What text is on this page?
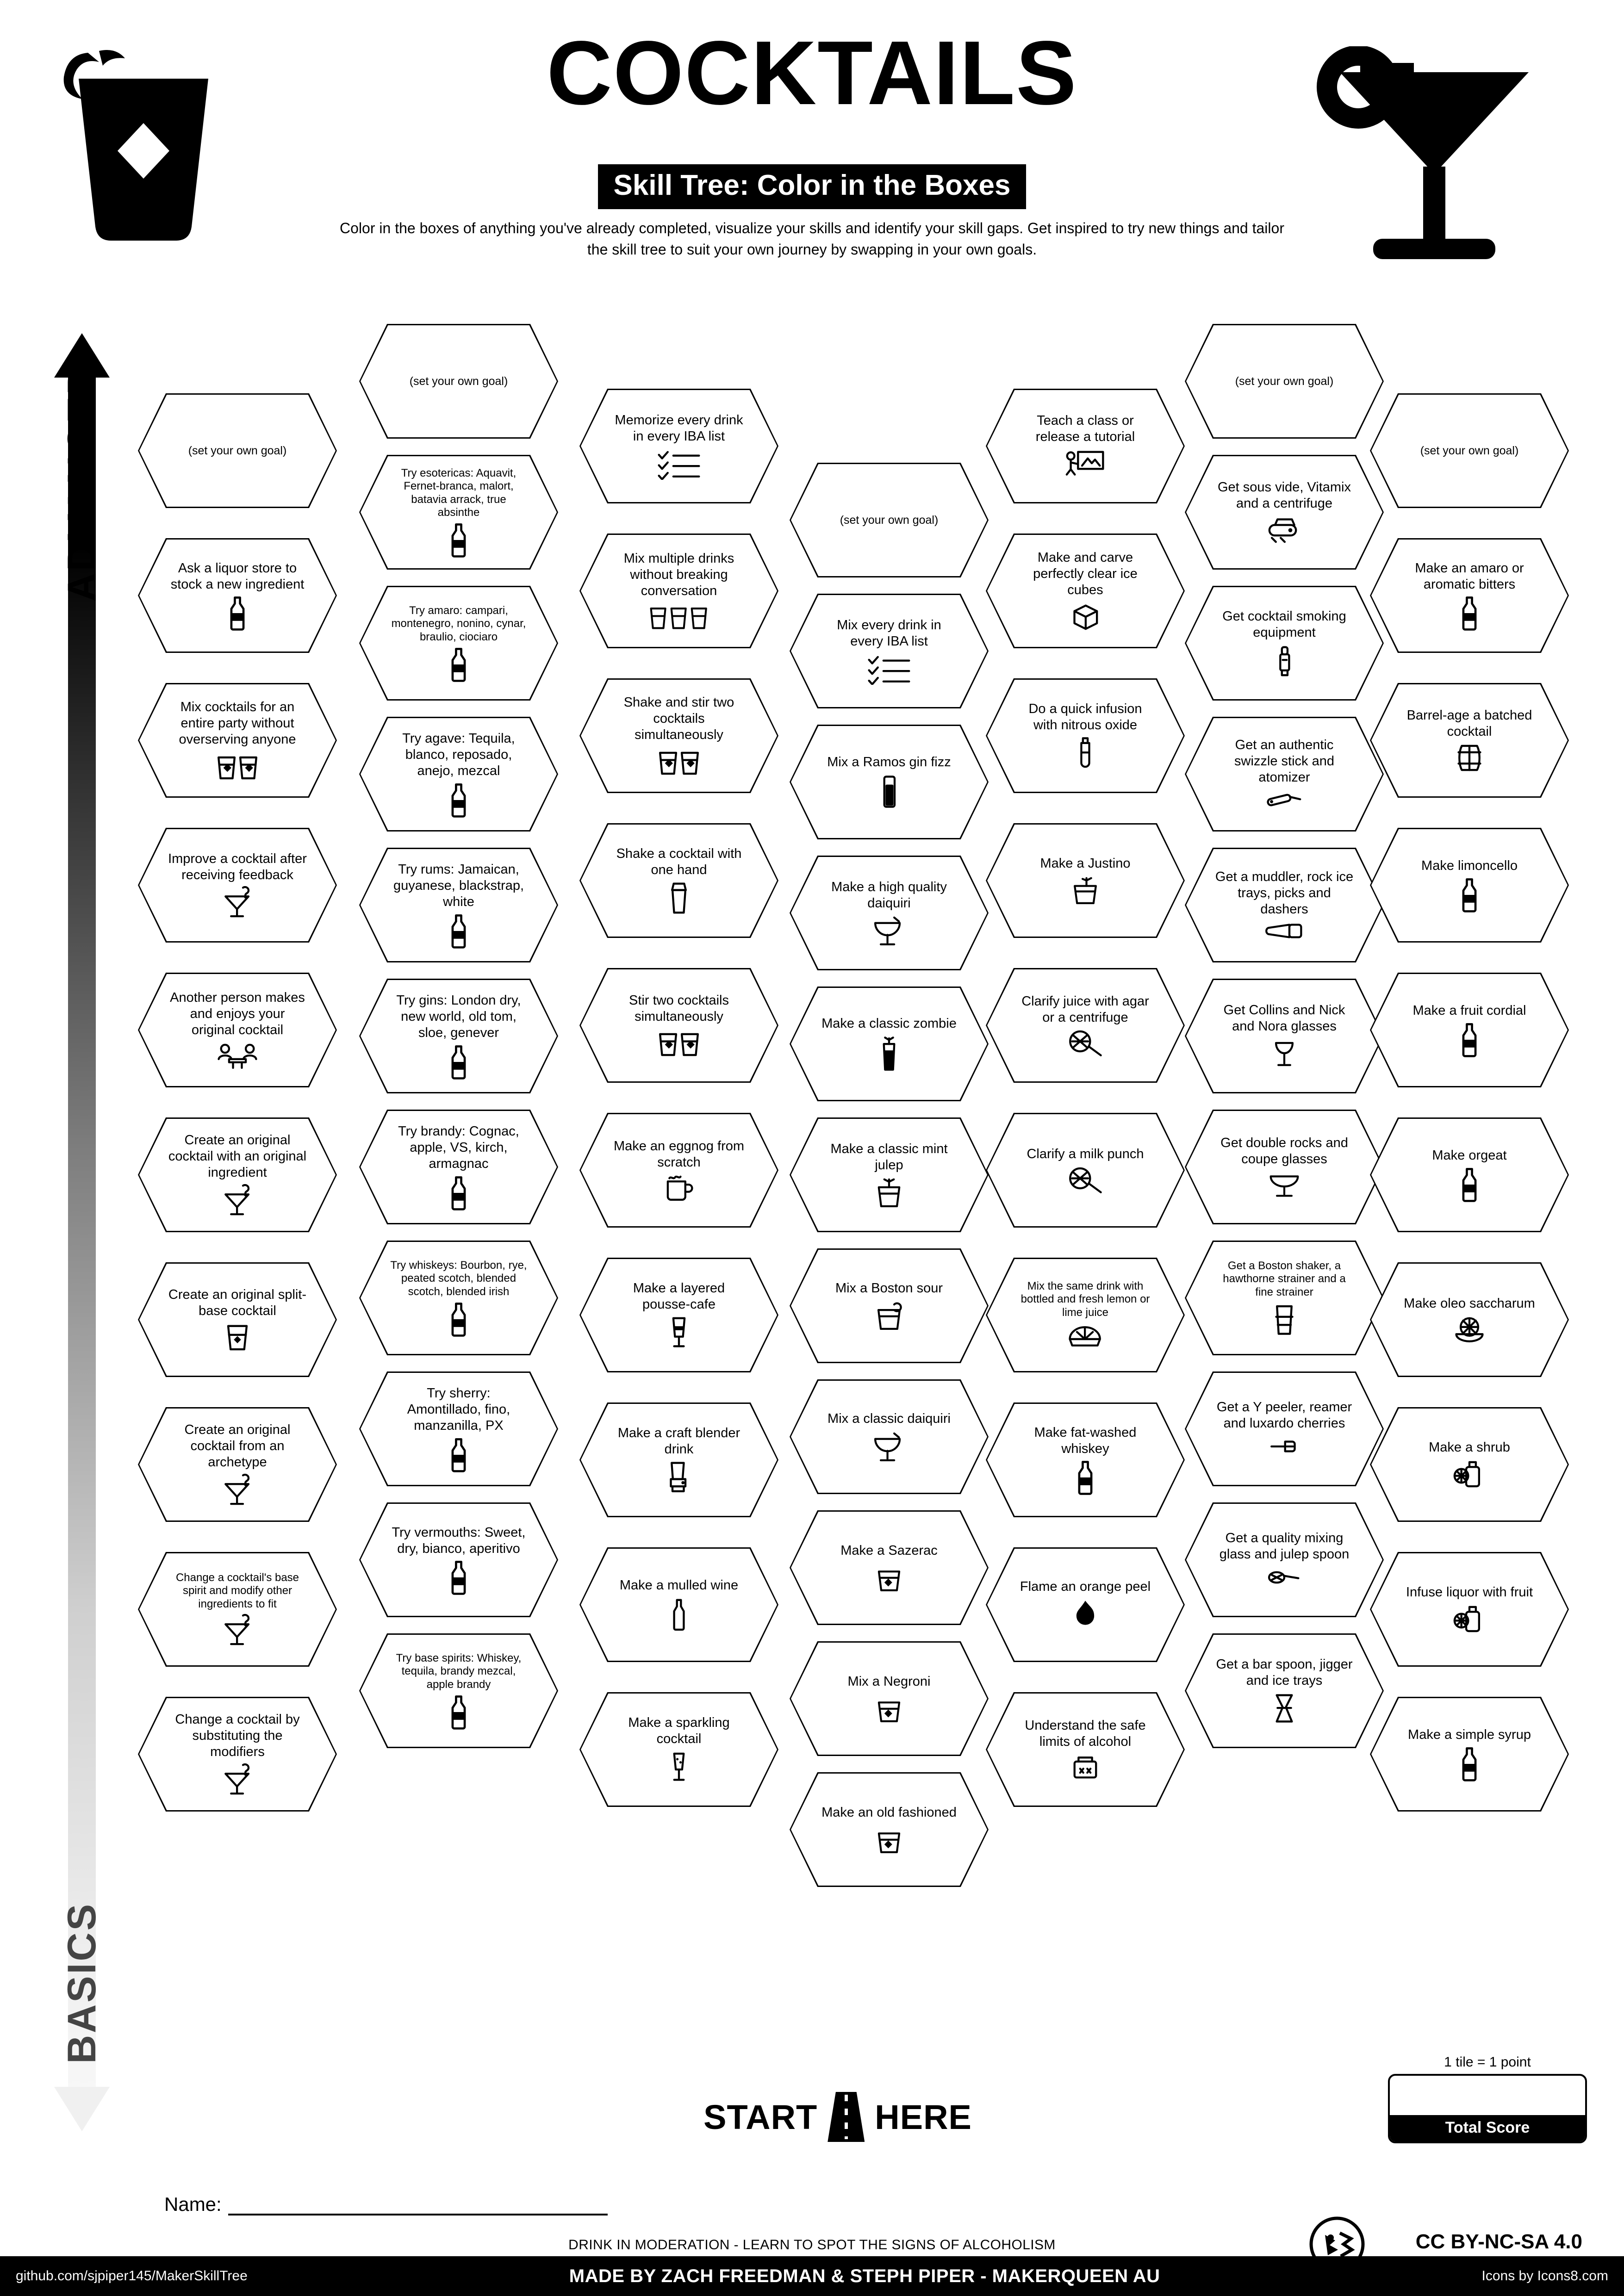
COCKTAILS
Skill Tree: Color in the Boxes
Color in the boxes of anything you've already completed, visualize your skills and identify your skill gaps. Get inspired to try new things and tailor the skill tree to suit your own journey by swapping in your own goals.
ADVANCED
BASICS
(set your own goal)
Ask a liquor store to stock a new ingredient
Mix cocktails for an entire party without overserving anyone
Improve a cocktail after receiving feedback
Another person makes and enjoys your original cocktail
Create an original cocktail with an original ingredient
Create an original split-base cocktail
Create an original cocktail from an archetype
Change a cocktail's base spirit and modify other ingredients to fit
Change a cocktail by substituting the modifiers
(set your own goal)
Try esotericas: Aquavit, Fernet-branca, malort, batavia arrack, true absinthe
Try amaro: campari, montenegro, nonino, cynar, braulio, ciociaro
Try agave: Tequila, blanco, reposado, anejo, mezcal
Try rums: Jamaican, guyanese, blackstrap, white
Try gins: London dry, new world, old tom, sloe, genever
Try brandy: Cognac, apple, VS, kirch, armagnac
Try whiskeys: Bourbon, rye, peated scotch, blended scotch, blended irish
Try sherry: Amontillado, fino, manzanilla, PX
Try vermouths: Sweet, dry, bianco, aperitivo
Try base spirits: Whiskey, tequila, brandy mezcal, apple brandy
Memorize every drink in every IBA list
Mix multiple drinks without breaking conversation
Shake and stir two cocktails simultaneously
Shake a cocktail with one hand
Stir two cocktails simultaneously
Make an eggnog from scratch
Make a layered pousse-cafe
Make a craft blender drink
Make a mulled wine
Make a sparkling cocktail
(set your own goal)
Mix every drink in every IBA list
Mix a Ramos gin fizz
Make a high quality daiquiri
Make a classic zombie
Make a classic mint julep
Mix a Boston sour
Mix a classic daiquiri
Make a Sazerac
Mix a Negroni
Make an old fashioned
Teach a class or release a tutorial
Make and carve perfectly clear ice cubes
Do a quick infusion with nitrous oxide
Make a Justino
Clarify juice with agar or a centrifuge
Clarify a milk punch
Mix the same drink with bottled and fresh lemon or lime juice
Make fat-washed whiskey
Flame an orange peel
Understand the safe limits of alcohol
(set your own goal)
Get sous vide, Vitamix and a centrifuge
Get cocktail smoking equipment
Get an authentic swizzle stick and atomizer
Get a muddler, rock ice trays, picks and dashers
Get Collins and Nick and Nora glasses
Get double rocks and coupe glasses
Get a Boston shaker, a hawthorne strainer and a fine strainer
Get a Y peeler, reamer and luxardo cherries
Get a quality mixing glass and julep spoon
Get a bar spoon, jigger and ice trays
(set your own goal)
Make an amaro or aromatic bitters
Barrel-age a batched cocktail
Make limoncello
Make a fruit cordial
Make orgeat
Make oleo saccharum
Make a shrub
Infuse liquor with fruit
Make a simple syrup
START HERE
1 tile = 1 point
Total Score
Name:
DRINK IN MODERATION - LEARN TO SPOT THE SIGNS OF ALCOHOLISM	CC BY-NC-SA 4.0
github.com/sjpiper145/MakerSkillTree	MADE BY ZACH FREEDMAN & STEPH PIPER - MAKERQUEEN AU	Icons by Icons8.com
